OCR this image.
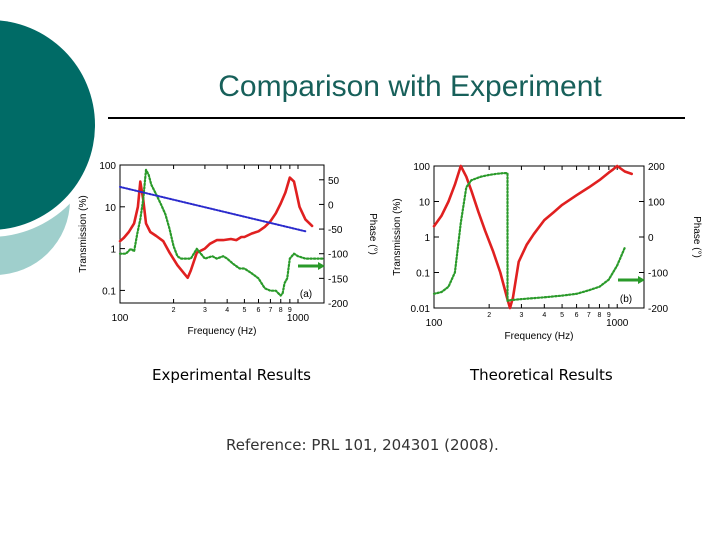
Comparison with Experiment
100
2	3	4 5 6 7 8 9
1000
100
10
1
0.1
50
0
-50
-100
-150
-200
Frequency (Hz)
Transmission (%)	Phase (°)
(a)
100
2	3	4 5 6 7 8 9
1000
100
10
1
0.1
0.01
200
100
0
-100
-200
Frequency (Hz)
Transmission (%)	Phase (°)
(b)
Experimental Results	Theoretical Results
Reference: PRL 101, 204301 (2008).
